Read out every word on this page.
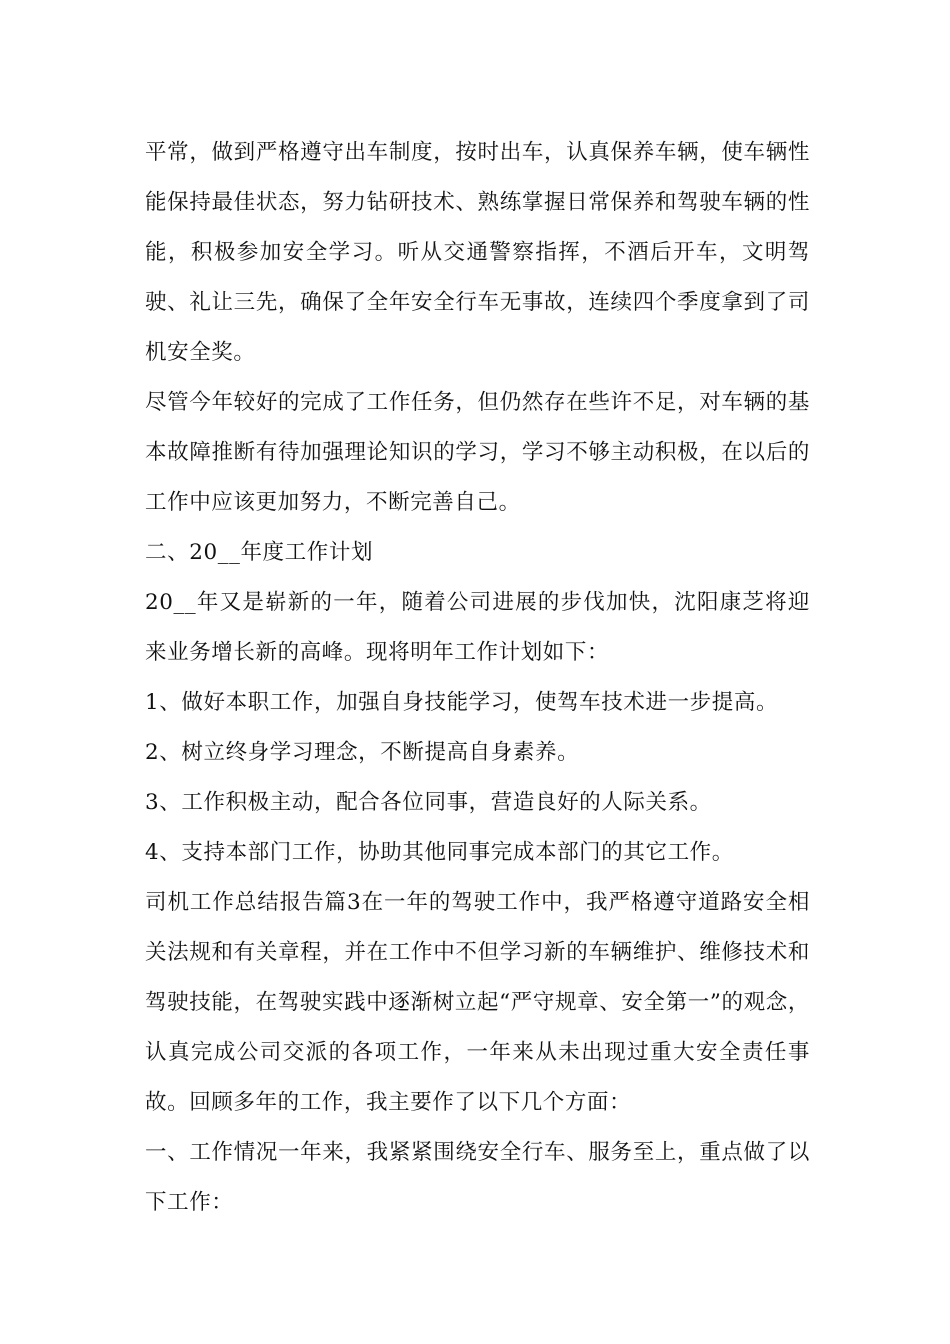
平常，做到严格遵守出车制度，按时出车，认真保养车辆，使车辆性能保持最佳状态，努力钻研技术、熟练掌握日常保养和驾驶车辆的性能，积极参加安全学习。听从交通警察指挥，不酒后开车，文明驾驶、礼让三先，确保了全年安全行车无事故，连续四个季度拿到了司机安全奖。

尽管今年较好的完成了工作任务，但仍然存在些许不足，对车辆的基本故障推断有待加强理论知识的学习，学习不够主动积极，在以后的工作中应该更加努力，不断完善自己。

二、20__年度工作计划

20__年又是崭新的一年，随着公司进展的步伐加快，沈阳康芝将迎来业务增长新的高峰。现将明年工作计划如下：

1、做好本职工作，加强自身技能学习，使驾车技术进一步提高。

2、树立终身学习理念，不断提高自身素养。

3、工作积极主动，配合各位同事，营造良好的人际关系。

4、支持本部门工作，协助其他同事完成本部门的其它工作。

司机工作总结报告篇3在一年的驾驶工作中，我严格遵守道路安全相关法规和有关章程，并在工作中不但学习新的车辆维护、维修技术和驾驶技能，在驾驶实践中逐渐树立起“严守规章、安全第一”的观念，认真完成公司交派的各项工作，一年来从未出现过重大安全责任事故。回顾多年的工作，我主要作了以下几个方面：

一、工作情况一年来，我紧紧围绕安全行车、服务至上，重点做了以下工作：
